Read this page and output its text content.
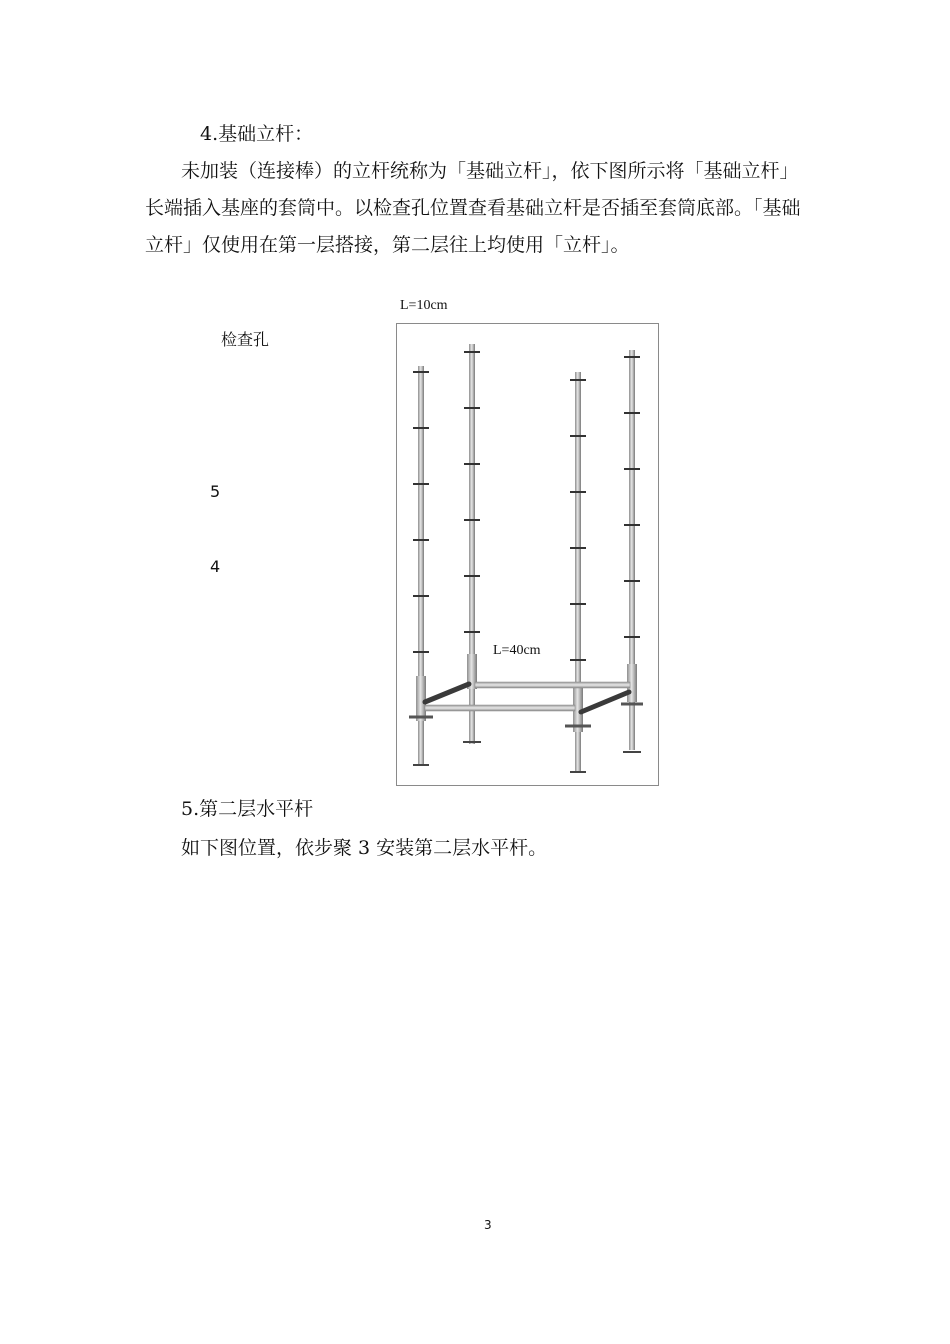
4.基础立杆：
未加装（连接棒）的立杆统称为「基础立杆」，依下图所示将「基础立杆」
长端插入基座的套筒中。以检查孔位置查看基础立杆是否插至套筒底部。「基础
立杆」仅使用在第一层搭接，第二层往上均使用「立杆」。
L=10cm
检查孔
5
4
L=40cm
5.第二层水平杆
如下图位置，依步聚 3 安装第二层水平杆。
3
